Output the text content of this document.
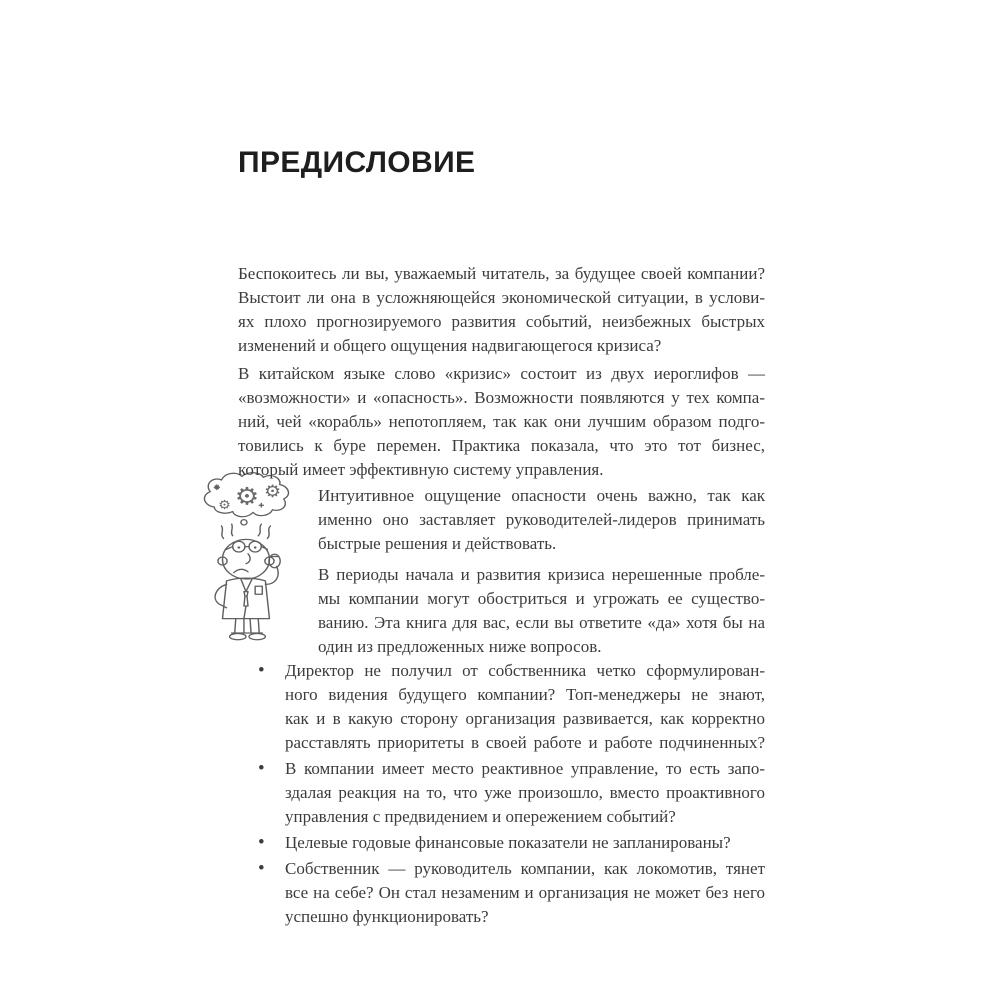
⚙ ⚙
⚙
ПРЕДИСЛОВИЕ
Беспокоитесь ли вы, уважаемый читатель, за будущее своей компании?
Выстоит ли она в усложняющейся экономической ситуации, в услови-
ях плохо прогнозируемого развития событий, неизбежных быстрых
изменений и общего ощущения надвигающегося кризиса?
В китайском языке слово «кризис» состоит из двух иероглифов —
«возможности» и «опасность». Возможности появляются у тех компа-
ний, чей «корабль» непотопляем, так как они лучшим образом подго-
товились к буре перемен. Практика показала, что это тот бизнес,
который имеет эффективную систему управления.
Интуитивное ощущение опасности очень важно, так как
именно оно заставляет руководителей-лидеров принимать
быстрые решения и действовать.
В периоды начала и развития кризиса нерешенные пробле-
мы компании могут обостриться и угрожать ее существо-
ванию. Эта книга для вас, если вы ответите «да» хотя бы на
один из предложенных ниже вопросов.
• Директор не получил от собственника четко сформулирован-
ного видения будущего компании? Топ-менеджеры не знают,
как и в какую сторону организация развивается, как корректно
расставлять приоритеты в своей работе и работе подчиненных?
• В компании имеет место реактивное управление, то есть запо-
здалая реакция на то, что уже произошло, вместо проактивного
управления с предвидением и опережением событий?
• Целевые годовые финансовые показатели не запланированы?
• Собственник — руководитель компании, как локомотив, тянет
все на себе? Он стал незаменим и организация не может без него
успешно функционировать?
